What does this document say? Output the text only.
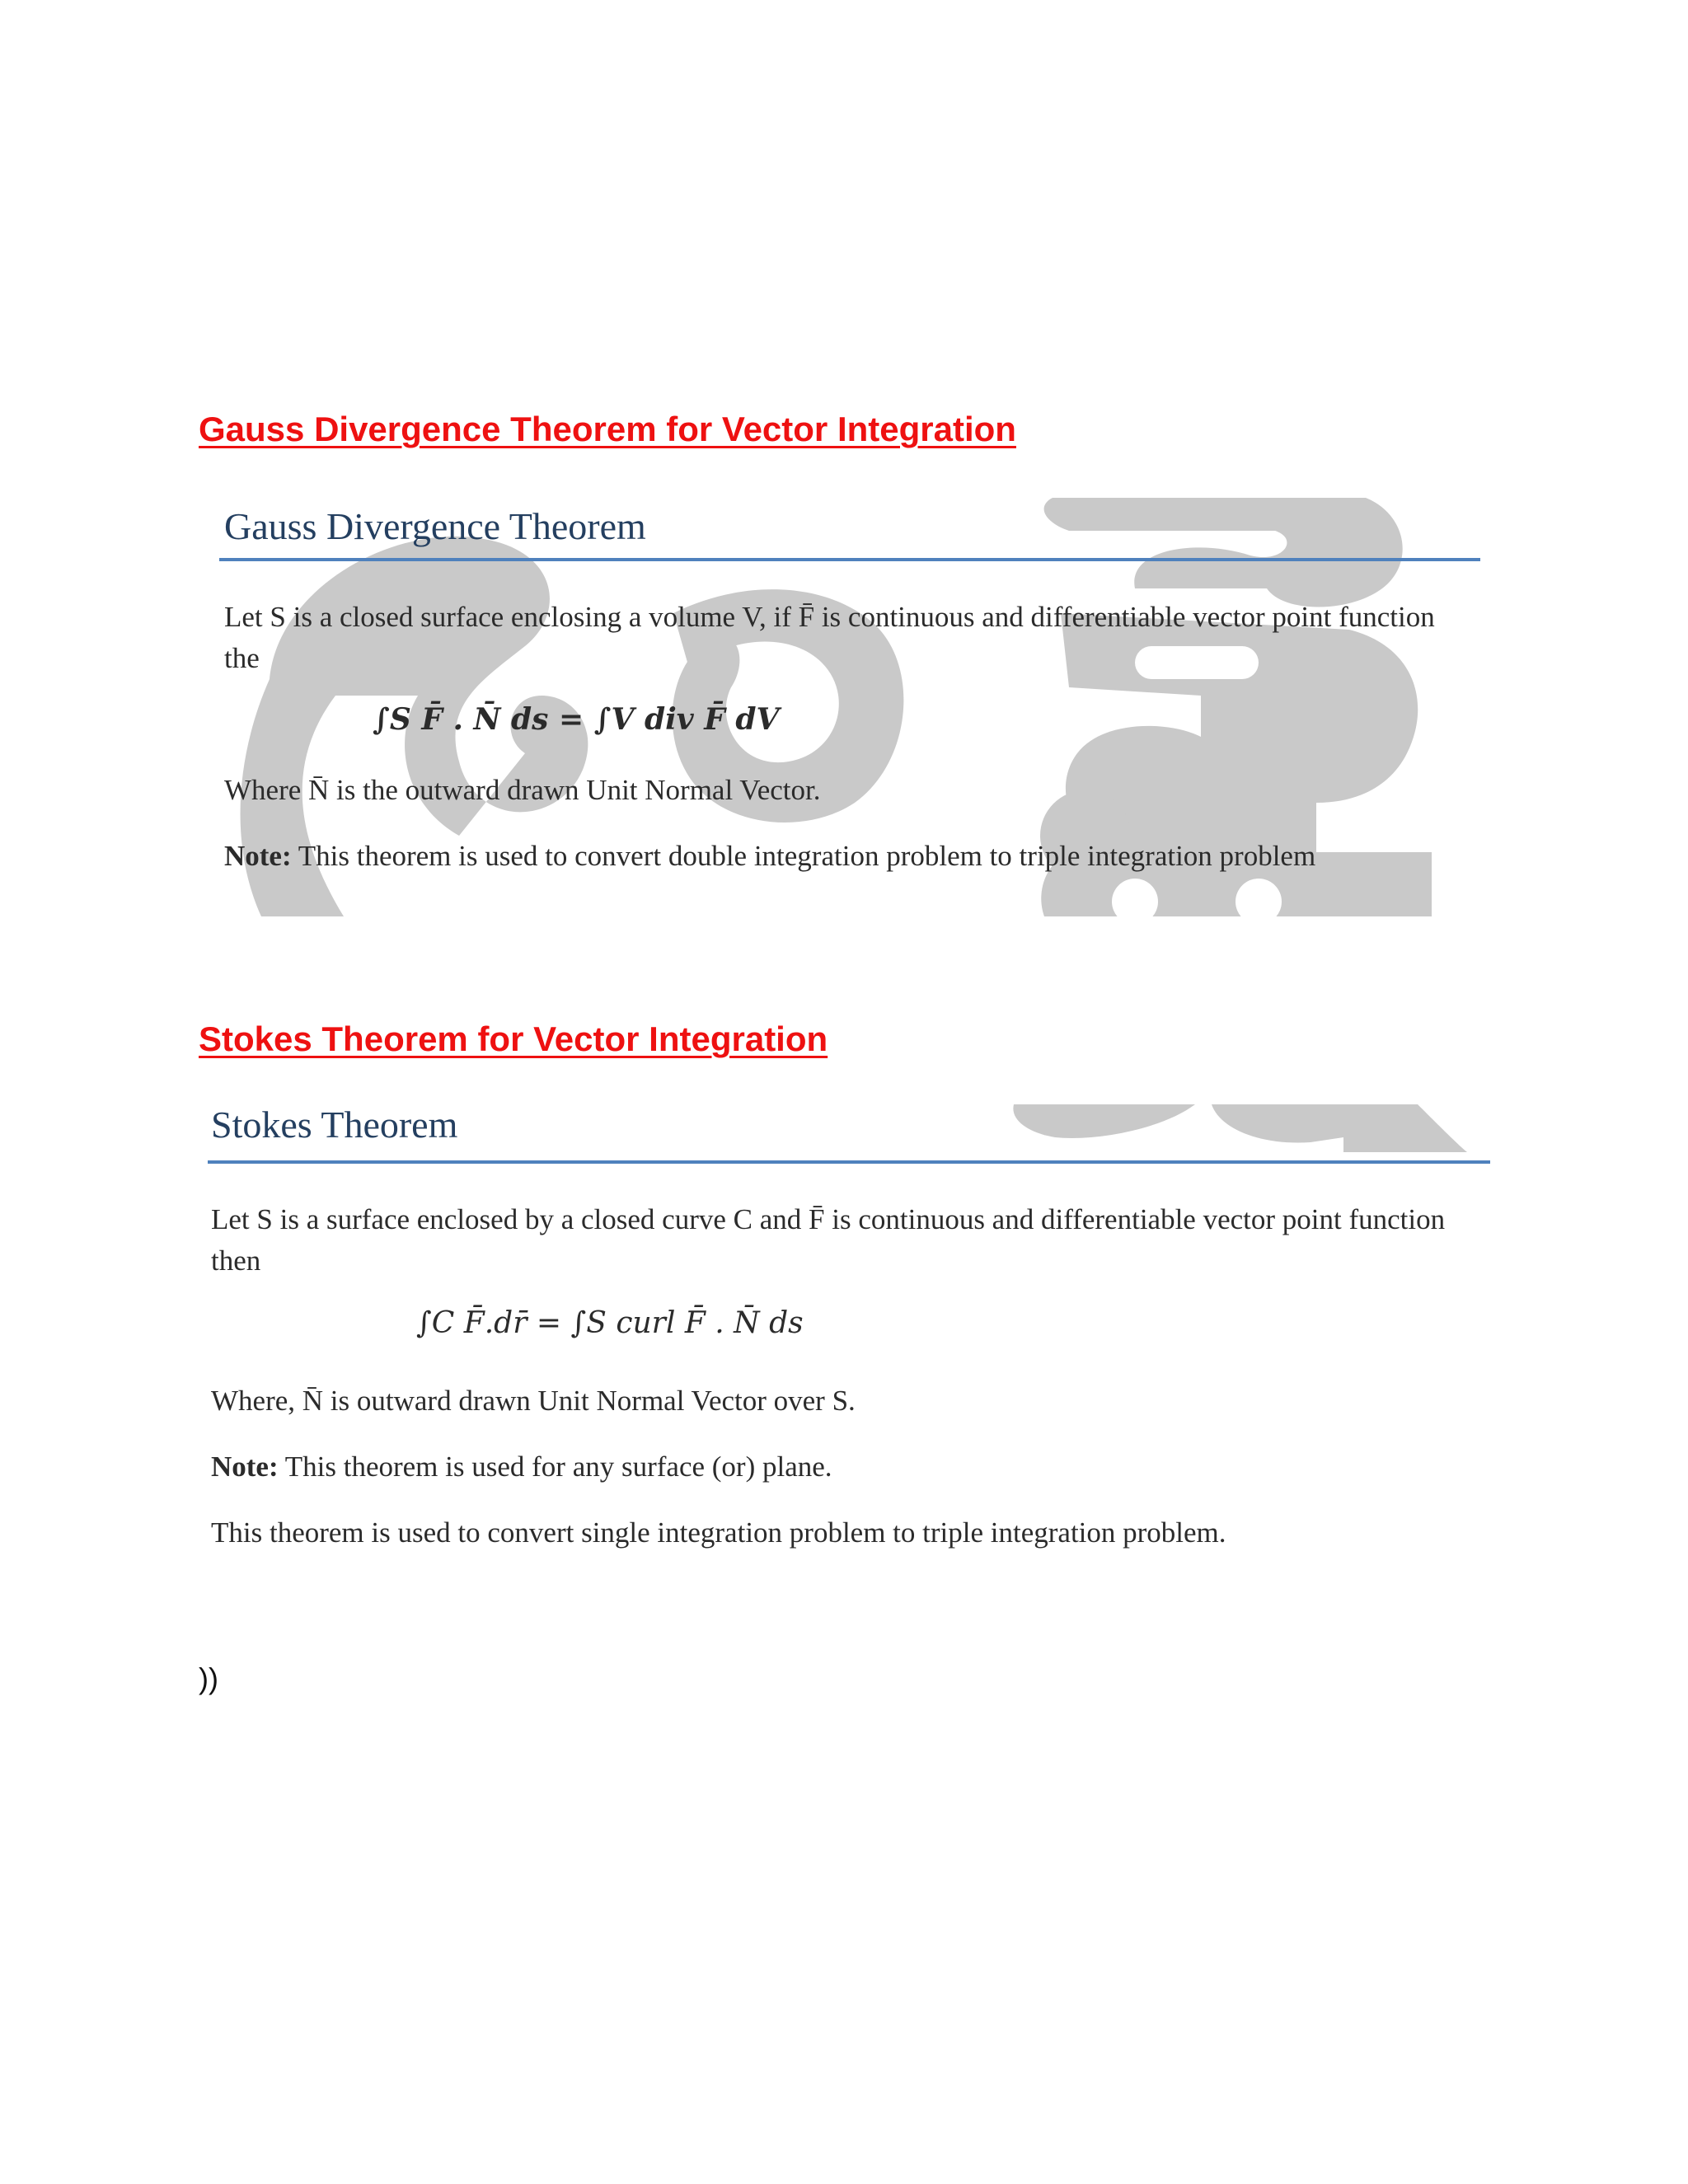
Gauss Divergence Theorem for Vector Integration
Gauss Divergence Theorem

Let S is a closed surface enclosing a volume V, if F̄ is continuous and differentiable vector point function the

∫S F̄ . N̄ ds = ∫V div F̄ dV

Where N̄ is the outward drawn Unit Normal Vector.

Note: This theorem is used to convert double integration problem to triple integration problem

Stokes Theorem for Vector Integration
Stokes Theorem

Let S is a surface enclosed by a closed curve C and F̄ is continuous and differentiable vector point function then

∫C F̄.dr̄ = ∫S curl F̄ . N̄ ds

Where, N̄ is outward drawn Unit Normal Vector over S.

Note: This theorem is used for any surface (or) plane.

This theorem is used to convert single integration problem to triple integration problem.

))
